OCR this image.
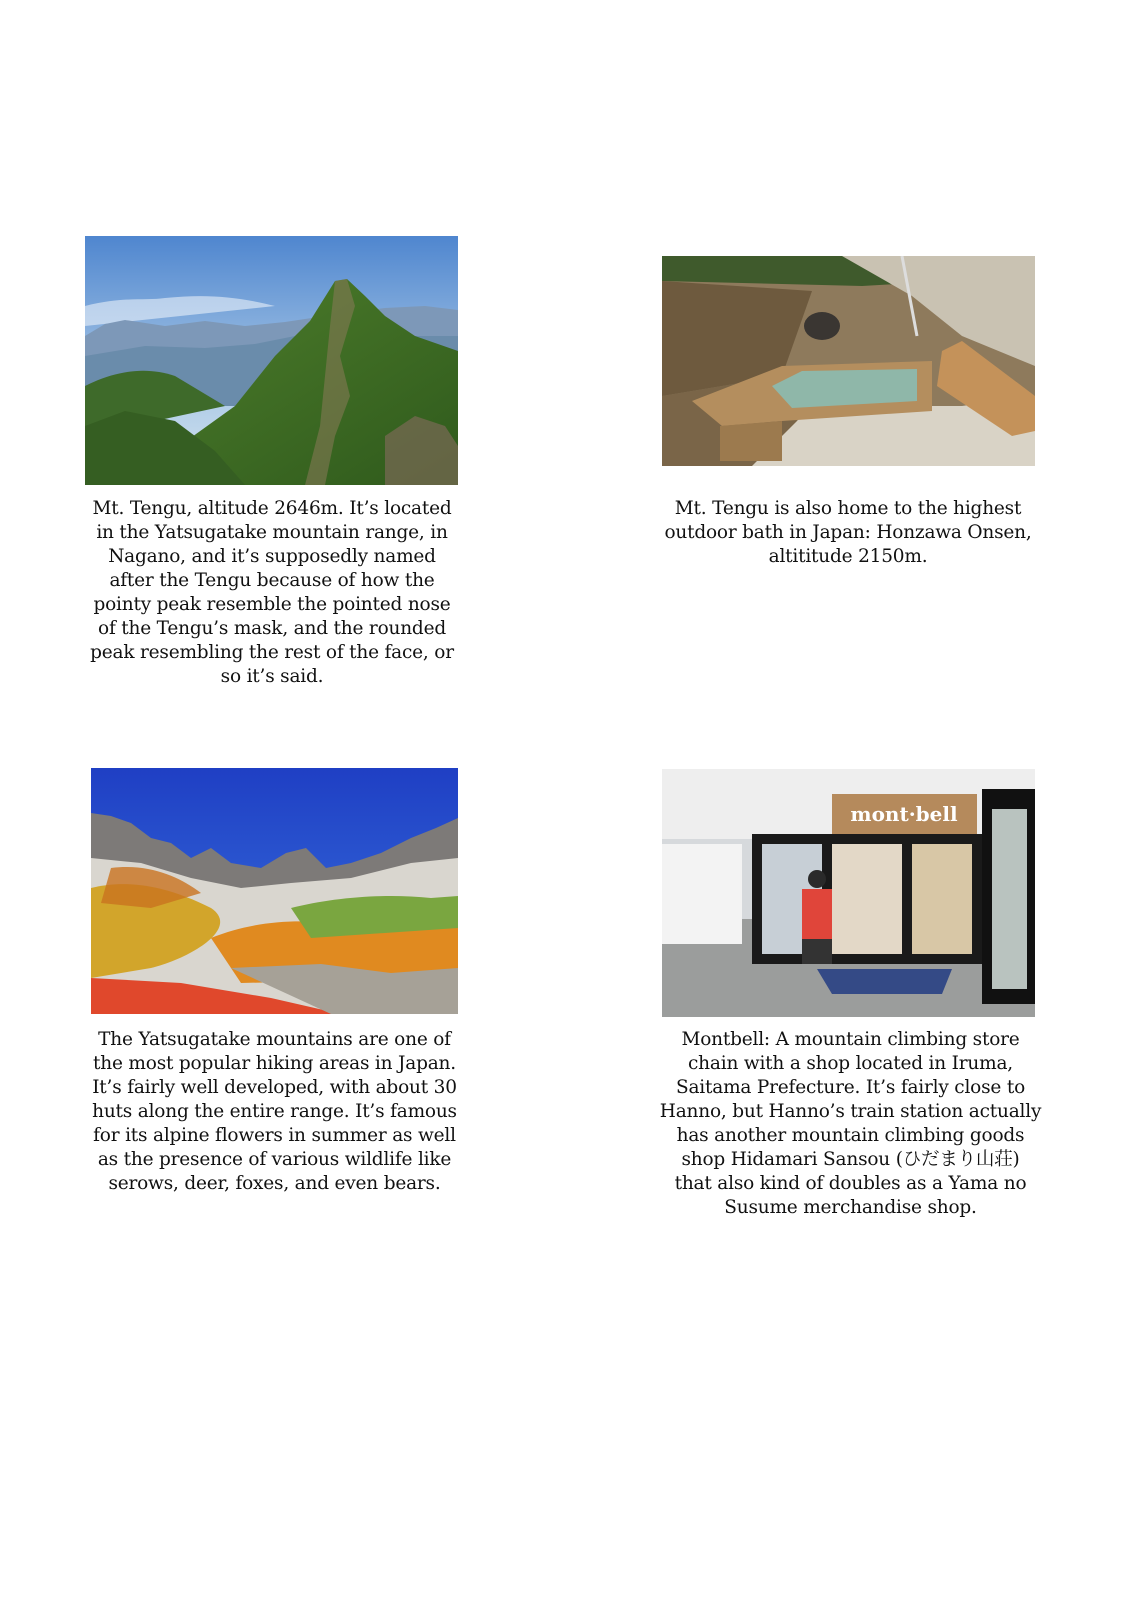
mont·bell

Mt. Tengu, altitude 2646m. It’s located
in the Yatsugatake mountain range, in
Nagano, and it’s supposedly named
after the Tengu because of how the
pointy peak resemble the pointed nose
of the Tengu’s mask, and the rounded
peak resembling the rest of the face, or
so it’s said.

Mt. Tengu is also home to the highest
outdoor bath in Japan: Honzawa Onsen,
altititude 2150m.

The Yatsugatake mountains are one of
the most popular hiking areas in Japan.
It’s fairly well developed, with about 30
huts along the entire range. It’s famous
for its alpine flowers in summer as well
as the presence of various wildlife like
serows, deer, foxes, and even bears.

Montbell: A mountain climbing store
chain with a shop located in Iruma,
Saitama Prefecture. It’s fairly close to
Hanno, but Hanno’s train station actually
has another mountain climbing goods
shop Hidamari Sansou (ひだまり山荘)
that also kind of doubles as a Yama no
Susume merchandise shop.
